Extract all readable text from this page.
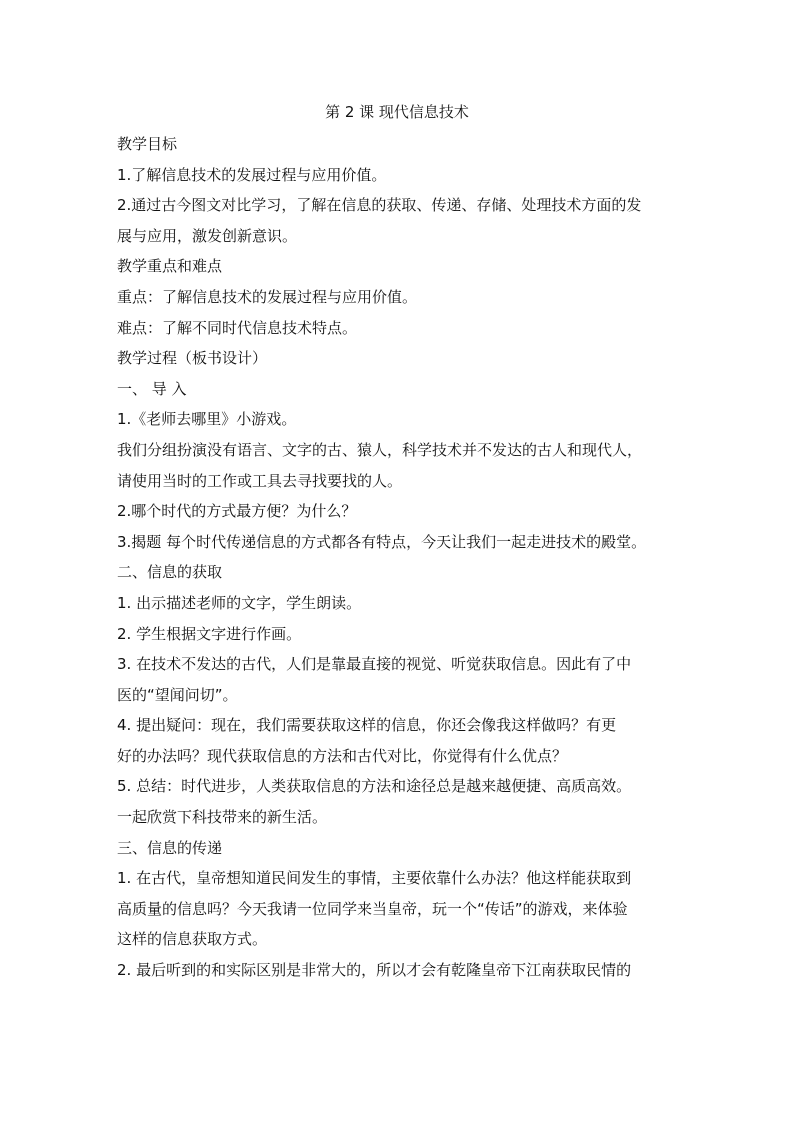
第 2 课 现代信息技术
教学目标
1.了解信息技术的发展过程与应用价值。
2.通过古今图文对比学习，了解在信息的获取、传递、存储、处理技术方面的发
展与应用，激发创新意识。
教学重点和难点
重点：了解信息技术的发展过程与应用价值。
难点：了解不同时代信息技术特点。
教学过程（板书设计）
一、 导 入
1.《老师去哪里》小游戏。
我们分组扮演没有语言、文字的古、猿人，科学技术并不发达的古人和现代人，
请使用当时的工作或工具去寻找要找的人。
2.哪个时代的方式最方便？为什么？
3.揭题 每个时代传递信息的方式都各有特点，今天让我们一起走进技术的殿堂。
二、信息的获取
1. 出示描述老师的文字，学生朗读。
2. 学生根据文字进行作画。
3. 在技术不发达的古代，人们是靠最直接的视觉、听觉获取信息。因此有了中
医的“望闻问切”。
4. 提出疑问：现在，我们需要获取这样的信息，你还会像我这样做吗？有更
好的办法吗？现代获取信息的方法和古代对比，你觉得有什么优点？
5. 总结：时代进步，人类获取信息的方法和途径总是越来越便捷、高质高效。
一起欣赏下科技带来的新生活。
三、信息的传递
1. 在古代，皇帝想知道民间发生的事情，主要依靠什么办法？他这样能获取到
高质量的信息吗？今天我请一位同学来当皇帝，玩一个“传话”的游戏，来体验
这样的信息获取方式。
2. 最后听到的和实际区别是非常大的，所以才会有乾隆皇帝下江南获取民情的
